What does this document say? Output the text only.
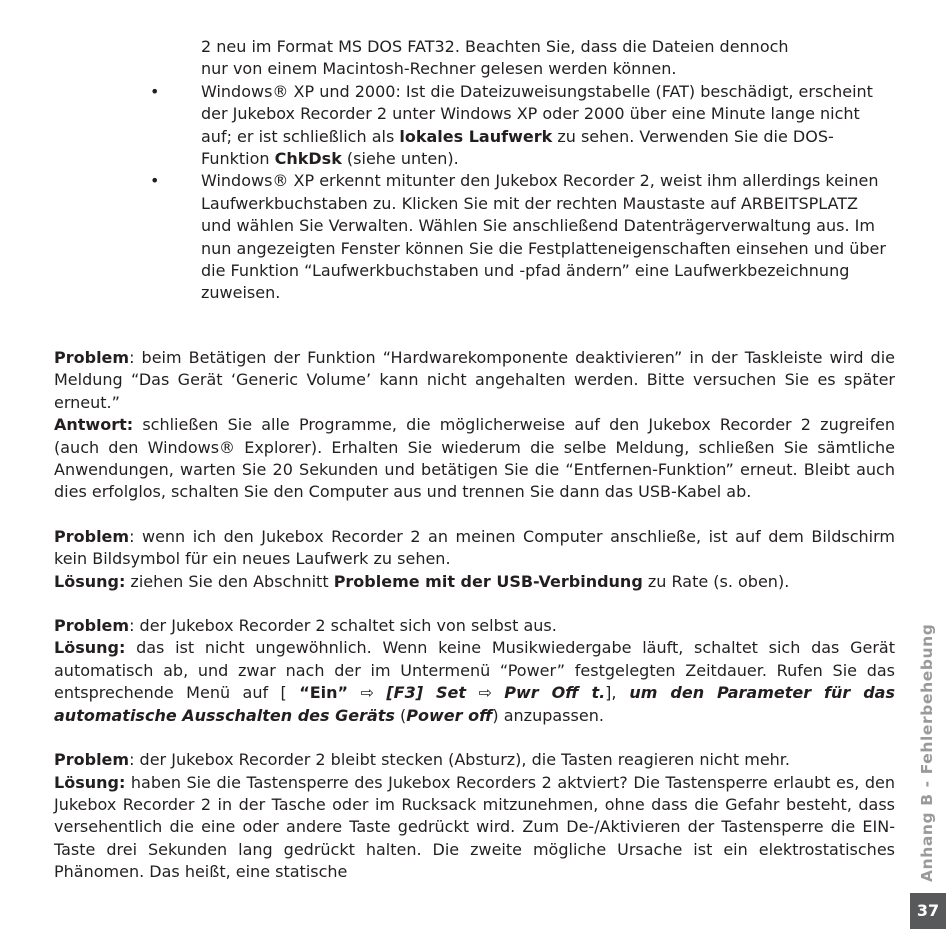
2 neu im Format MS DOS FAT32. Beachten Sie, dass die Dateien dennoch
nur von einem Macintosh-Rechner gelesen werden können.
•	Windows® XP und 2000: Ist die Dateizuweisungstabelle (FAT) beschädigt, erscheint der Jukebox Recorder 2 unter Windows XP oder 2000 über eine Minute lange nicht auf; er ist schließlich als lokales Laufwerk zu sehen. Verwenden Sie die DOS-Funktion ChkDsk (siehe unten).
•	Windows® XP erkennt mitunter den Jukebox Recorder 2, weist ihm allerdings keinen Laufwerkbuchstaben zu. Klicken Sie mit der rechten Maustaste auf ARBEITSPLATZ und wählen Sie Verwalten. Wählen Sie anschließend Datenträgerverwaltung aus. Im nun angezeigten Fenster können Sie die Festplatteneigenschaften einsehen und über die Funktion “Laufwerkbuchstaben und -pfad ändern” eine Laufwerkbezeichnung zuweisen.

Problem: beim Betätigen der Funktion “Hardwarekomponente deaktivieren” in der Taskleiste wird die Meldung “Das Gerät ‘Generic Volume’ kann nicht angehalten werden. Bitte versuchen Sie es später erneut.”

Antwort: schließen Sie alle Programme, die möglicherweise auf den Jukebox Recorder 2 zugreifen (auch den Windows® Explorer). Erhalten Sie wiederum die selbe Meldung, schließen Sie sämtliche Anwendungen, warten Sie 20 Sekunden und betätigen Sie die “Entfernen-Funktion” erneut. Bleibt auch dies erfolglos, schalten Sie den Computer aus und trennen Sie dann das USB-Kabel ab.

Problem: wenn ich den Jukebox Recorder 2 an meinen Computer anschließe, ist auf dem Bildschirm kein Bildsymbol für ein neues Laufwerk zu sehen.

Lösung: ziehen Sie den Abschnitt Probleme mit der USB-Verbindung zu Rate (s. oben).

Problem: der Jukebox Recorder 2 schaltet sich von selbst aus.

Lösung: das ist nicht ungewöhnlich. Wenn keine Musikwiedergabe läuft, schaltet sich das Gerät automatisch ab, und zwar nach der im Untermenü “Power” festgelegten Zeitdauer. Rufen Sie das entsprechende Menü auf [ “Ein” ⇨ [F3] Set ⇨ Pwr Off t.], um den Parameter für das automatische Ausschalten des Geräts (Power off) anzupassen.

Problem: der Jukebox Recorder 2 bleibt stecken (Absturz), die Tasten reagieren nicht mehr.

Lösung: haben Sie die Tastensperre des Jukebox Recorders 2 aktviert? Die Tastensperre erlaubt es, den Jukebox Recorder 2 in der Tasche oder im Rucksack mitzunehmen, ohne dass die Gefahr besteht, dass versehentlich die eine oder andere Taste gedrückt wird. Zum De-/Aktivieren der Tastensperre die EIN-Taste drei Sekunden lang gedrückt halten. Die zweite mögliche Ursache ist ein elektrostatisches Phänomen. Das heißt, eine statische	Anhang B - Fehlerbehebung
37
